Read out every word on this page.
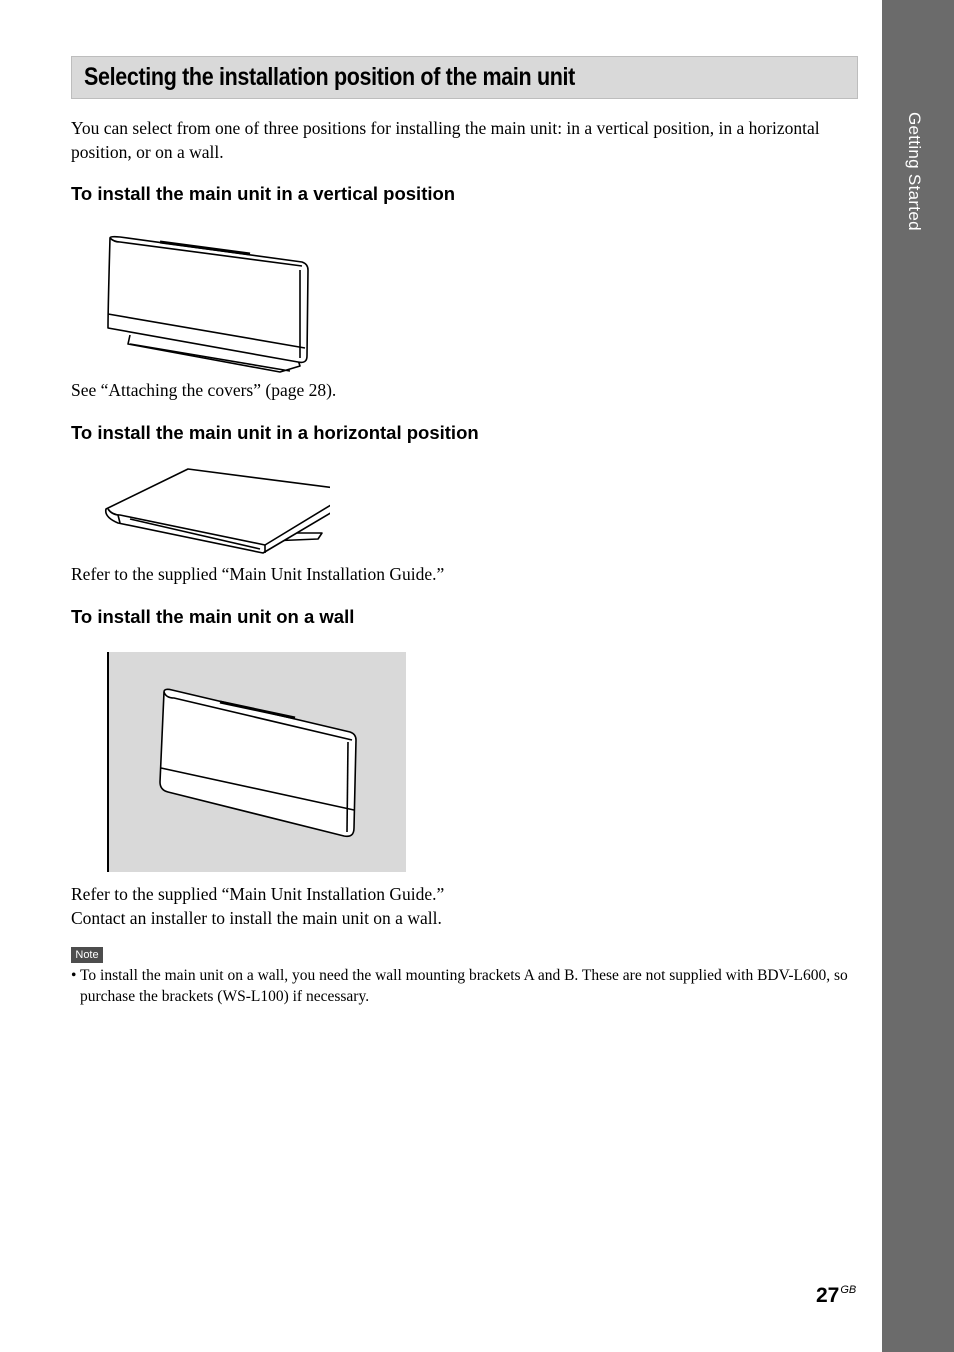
Getting Started
Selecting the installation position of the main unit
You can select from one of three positions for installing the main unit: in a vertical position, in a horizontal position, or on a wall.
To install the main unit in a vertical position
See “Attaching the covers” (page 28).
To install the main unit in a horizontal position
Refer to the supplied “Main Unit Installation Guide.”
To install the main unit on a wall
Refer to the supplied “Main Unit Installation Guide.”
Contact an installer to install the main unit on a wall.
Note
• To install the main unit on a wall, you need the wall mounting brackets A and B. These are not supplied with BDV-L600, so purchase the brackets (WS-L100) if necessary.
$27^{GB}$
